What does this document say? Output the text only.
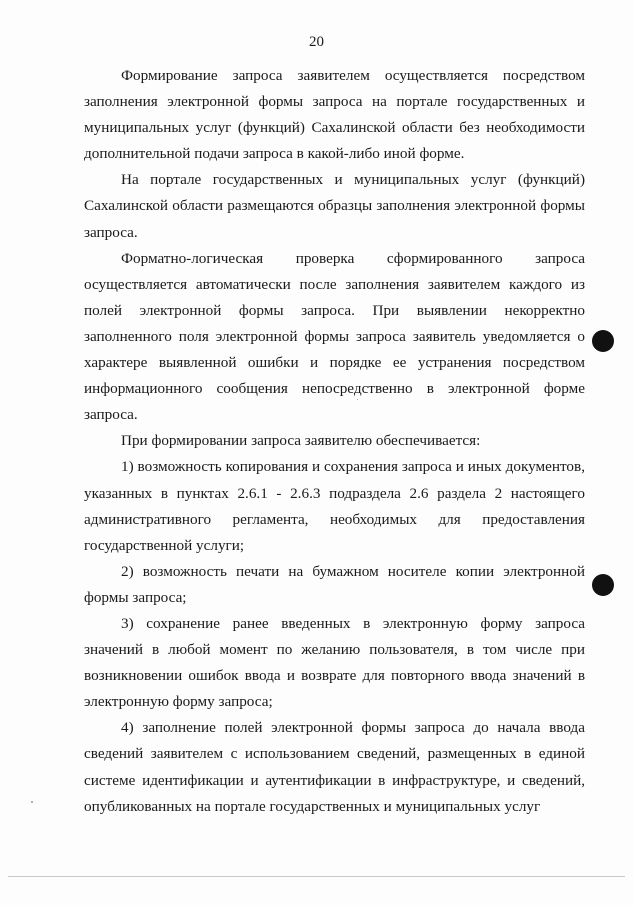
20

Формирование запроса заявителем осуществляется посредством заполнения электронной формы запроса на портале государственных и муниципальных услуг (функций) Сахалинской области без необходимости дополнительной подачи запроса в какой-либо иной форме.

На портале государственных и муниципальных услуг (функций) Сахалинской области размещаются образцы заполнения электронной формы запроса.

Форматно-логическая проверка сформированного запроса осуществляется автоматически после заполнения заявителем каждого из полей электронной формы запроса. При выявлении некорректно заполненного поля электронной формы запроса заявитель уведомляется о характере выявленной ошибки и порядке ее устранения посредством информационного сообщения непосредственно в электронной форме запроса.

При формировании запроса заявителю обеспечивается:

1) возможность копирования и сохранения запроса и иных документов, указанных в пунктах 2.6.1 - 2.6.3 подраздела 2.6 раздела 2 настоящего административного регламента, необходимых для предоставления государственной услуги;

2) возможность печати на бумажном носителе копии электронной формы запроса;

3) сохранение ранее введенных в электронную форму запроса значений в любой момент по желанию пользователя, в том числе при возникновении ошибок ввода и возврате для повторного ввода значений в электронную форму запроса;

4) заполнение полей электронной формы запроса до начала ввода сведений заявителем с использованием сведений, размещенных в единой системе идентификации и аутентификации в инфраструктуре, и сведений, опубликованных на портале государственных и муниципальных услуг
